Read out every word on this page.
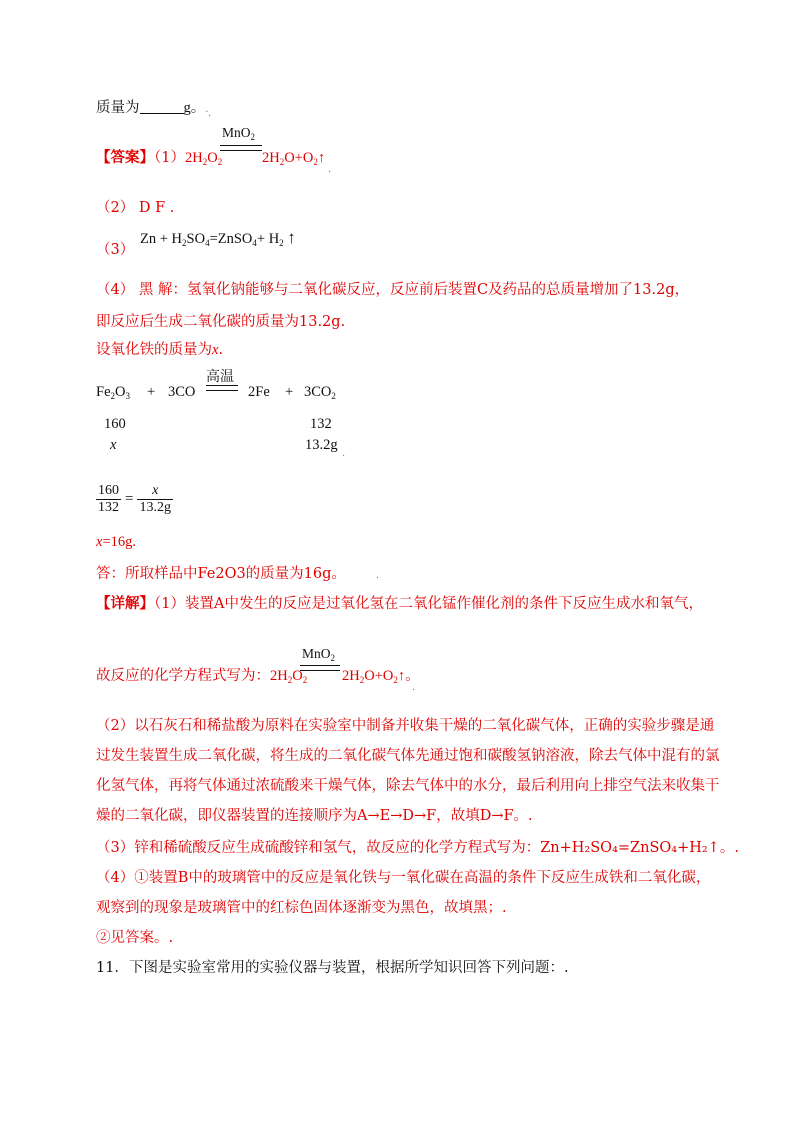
质量为	g。.
MnO$_2$
【答案】$(1)2H_2O_2$	$2H_2O+O_2↑$
（2） D F .
$Zn + H_2SO_4=ZnSO_4+ H_2$ ↑
（3）
（4） 黑 解：氢氧化钠能够与二氧化碳反应，反应前后装置C及药品的总质量增加了13.2g，
即反应后生成二氧化碳的质量为13.2g.
设氧化铁的质量为x.
$Fe_2O_3 + 3CO$
高温
$2Fe + 3CO_2$
160	132
x	13.2g
$\frac{160}{132} = \frac{x}{13.2g}$
x=16g.
答：所取样品中Fe2O3的质量为16g。	.
【详解】（1）装置A中发生的反应是过氧化氢在二氧化锰作催化剂的条件下反应生成水和氧气，
MnO$_2$
故反应的化学方程式写为：$2H_2O_2$ $2H_2O+O_2↑$。
（2）以石灰石和稀盐酸为原料在实验室中制备并收集干燥的二氧化碳气体，正确的实验步骤是通
过发生装置生成二氧化碳，将生成的二氧化碳气体先通过饱和碳酸氢钠溶液，除去气体中混有的氯
化氢气体，再将气体通过浓硫酸来干燥气体，除去气体中的水分，最后利用向上排空气法来收集干
燥的二氧化碳，即仪器装置的连接顺序为A→E→D→F，故填D→F。.
（3）锌和稀硫酸反应生成硫酸锌和氢气，故反应的化学方程式写为：Zn+H₂SO₄=ZnSO₄+H₂↑。.
（4）①装置B中的玻璃管中的反应是氧化铁与一氧化碳在高温的条件下反应生成铁和二氧化碳，
观察到的现象是玻璃管中的红棕色固体逐渐变为黑色，故填黑；.
②见答案。.
11．下图是实验室常用的实验仪器与装置，根据所学知识回答下列问题：.
.
.
.
.
